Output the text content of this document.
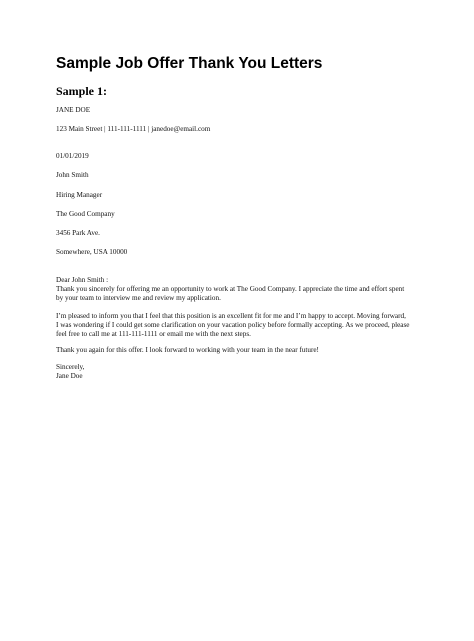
Sample Job Offer Thank You Letters
Sample 1:

JANE DOE

123 Main Street | 111-111-1111 | janedoe@email.com

01/01/2019

John Smith

Hiring Manager

The Good Company

3456 Park Ave.

Somewhere, USA 10000

Dear John Smith :

Thank you sincerely for offering me an opportunity to work at The Good Company. I appreciate the time and effort spent

by your team to interview me and review my application.

I’m pleased to inform you that I feel that this position is an excellent fit for me and I’m happy to accept. Moving forward,

I was wondering if I could get some clarification on your vacation policy before formally accepting. As we proceed, please

feel free to call me at 111-111-1111 or email me with the next steps.

Thank you again for this offer. I look forward to working with your team in the near future!

Sincerely,

Jane Doe
